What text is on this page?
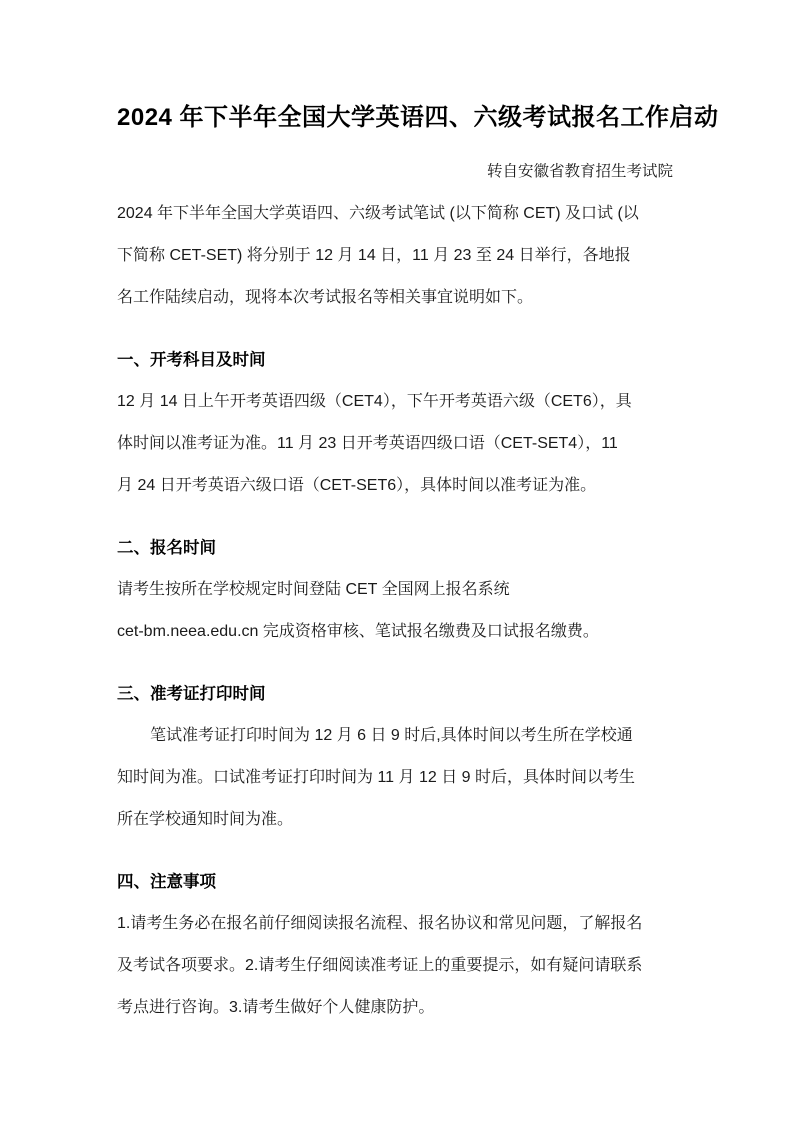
2024 年下半年全国大学英语四、六级考试报名工作启动
转自安徽省教育招生考试院
2024 年下半年全国大学英语四、六级考试笔试 (以下简称 CET) 及口试 (以
下简称 CET-SET) 将分别于 12 月 14 日，11 月 23 至 24 日举行，各地报
名工作陆续启动，现将本次考试报名等相关事宜说明如下。
一、开考科目及时间
12 月 14 日上午开考英语四级（CET4），下午开考英语六级（CET6），具
体时间以准考证为准。11 月 23 日开考英语四级口语（CET-SET4），11
月 24 日开考英语六级口语（CET-SET6），具体时间以准考证为准。
二、报名时间
请考生按所在学校规定时间登陆 CET 全国网上报名系统
cet-bm.neea.edu.cn 完成资格审核、笔试报名缴费及口试报名缴费。
三、准考证打印时间
笔试准考证打印时间为 12 月 6 日 9 时后,具体时间以考生所在学校通
知时间为准。口试准考证打印时间为 11 月 12 日 9 时后，具体时间以考生
所在学校通知时间为准。
四、注意事项
1.请考生务必在报名前仔细阅读报名流程、报名协议和常见问题，了解报名
及考试各项要求。2.请考生仔细阅读准考证上的重要提示，如有疑问请联系
考点进行咨询。3.请考生做好个人健康防护。
